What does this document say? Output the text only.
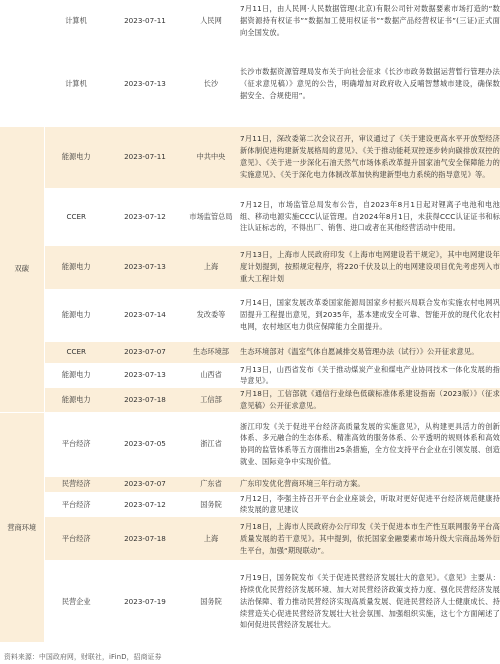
	计算机	2023-07-11	人民网	7月11日，由人民网·人民数据管理(北京)有限公司针对数据要素市场打造的“数据资源持有权证书”“数据加工使用权证书”“数据产品经营权证书”(三证)正式面向全国发放。
	计算机	2023-07-13	长沙	长沙市数据资源管理局发布关于向社会征求《长沙市政务数据运营暂行管理办法（征求意见稿）》意见的公告，明确增加对政府收入反哺智慧城市建设，确保数据安全、合规使用”。
双碳	能源电力	2023-07-11	中共中央	7月11日，深改委第二次会议召开，审议通过了《关于建设更高水平开放型经济新体制促进构建新发展格局的意见》、《关于推动能耗双控逐步转向碳排放双控的意见》、《关于进一步深化石油天然气市场体系改革提升国家油气安全保障能力的实施意见》、《关于深化电力体制改革加快构建新型电力系统的指导意见》等。
	CCER	2023-07-12	市场监管总局	7月12日，市场监管总局发布公告，自2023年8月1日起对锂离子电池和电池组、移动电源实施CCC认证管理。自2024年8月1日，未获得CCC认证证书和标注认证标志的，不得出厂、销售、进口或者在其他经营活动中使用。
	能源电力	2023-07-13	上海	7月13日，上海市人民政府印发《上海市电网建设若干规定》，其中电网建设年度计划提到，按照规定程序，将220千伏及以上的电网建设项目优先考虑列入市重大工程计划
	能源电力	2023-07-14	发改委等	7月14日，国家发展改革委国家能源局国家乡村振兴局联合发布实施农村电网巩固提升工程提出意见，到2035年，基本建成安全可靠、智能开放的现代化农村电网，农村地区电力供应保障能力全面提升。
	CCER	2023-07-07	生态环境部	生态环境部对《温室气体自愿减排交易管理办法（试行）》公开征求意见。
	能源电力	2023-07-13	山西省	7月13日，山西省发布《关于推动煤炭产业和煤电产业协同技术一体化发展的指导意见》。
	能源电力	2023-07-18	工信部	7月18日，工信部就《通信行业绿色低碳标准体系建设指南（2023版）》（征求意见稿）公开征求意见。
营商环境	平台经济	2023-07-05	浙江省	浙江印发《关于促进平台经济高质量发展的实施意见》，从构建更具活力的创新体系、多元融合的生态体系、精准高效的服务体系、公平透明的规则体系和高效协同的监管体系等五方面推出25条措施，全方位支持平台企业在引领发展、创造就业、国际竞争中实现价值。
	民营经济	2023-07-07	广东省	广东印发优化营商环境三年行动方案。
	平台经济	2023-07-12	国务院	7月12日，李强主持召开平台企业座谈会，听取对更好促进平台经济规范健康持续发展的意见建议
	平台经济	2023-07-18	上海	7月18日，上海市人民政府办公厅印发《关于促进本市生产性互联网服务平台高质量发展的若干意见》。其中提到，依托国家金融要素市场升级大宗商品场外衍生平台，加强“期现联动”。
	民营企业	2023-07-19	国务院	7月19日，国务院发布《关于促进民营经济发展壮大的意见》。《意见》主要从：持续优化民营经济发展环境、加大对民营经济政策支持力度、强化民营经济发展法治保障、着力推动民营经济实现高质量发展、促进民营经济人士健康成长、持续营造关心促进民营经济发展壮大社会氛围、加强组织实施，这七个方面阐述了如何促进民营经济发展壮大。
资料来源：中国政府网，财联社，iFinD，招商证券
